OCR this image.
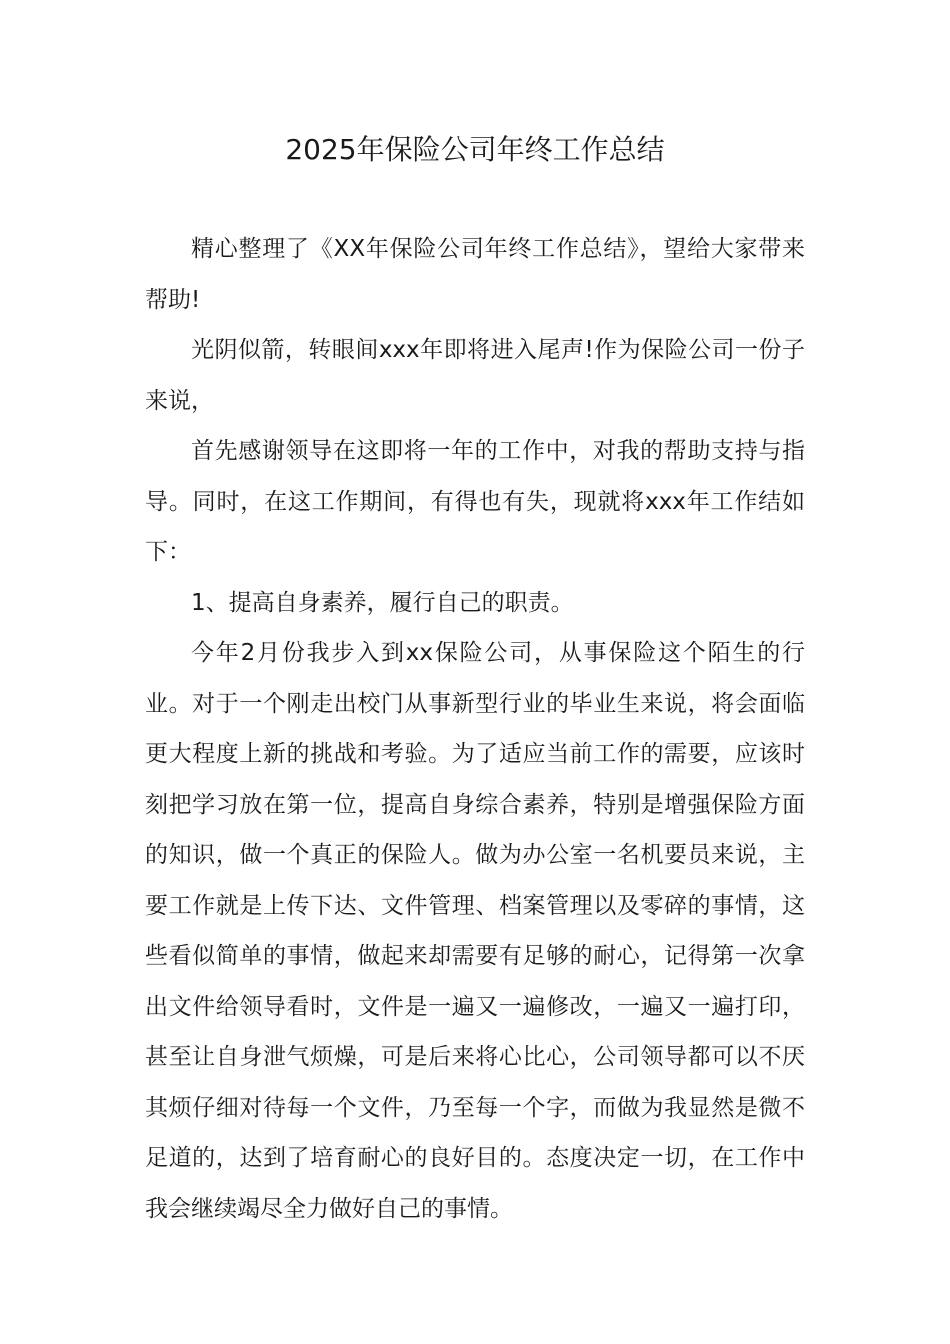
2025年保险公司年终工作总结

精心整理了《XX年保险公司年终工作总结》，望给大家带来帮助!

光阴似箭，转眼间xxx年即将进入尾声!作为保险公司一份子来说，

首先感谢领导在这即将一年的工作中，对我的帮助支持与指导。同时，在这工作期间，有得也有失，现就将xxx年工作结如下：

1、提高自身素养，履行自己的职责。

今年2月份我步入到xx保险公司，从事保险这个陌生的行业。对于一个刚走出校门从事新型行业的毕业生来说，将会面临更大程度上新的挑战和考验。为了适应当前工作的需要，应该时刻把学习放在第一位，提高自身综合素养，特别是增强保险方面的知识，做一个真正的保险人。做为办公室一名机要员来说，主要工作就是上传下达、文件管理、档案管理以及零碎的事情，这些看似简单的事情，做起来却需要有足够的耐心，记得第一次拿出文件给领导看时，文件是一遍又一遍修改，一遍又一遍打印，甚至让自身泄气烦燥，可是后来将心比心，公司领导都可以不厌其烦仔细对待每一个文件，乃至每一个字，而做为我显然是微不足道的，达到了培育耐心的良好目的。态度决定一切，在工作中我会继续竭尽全力做好自己的事情。
